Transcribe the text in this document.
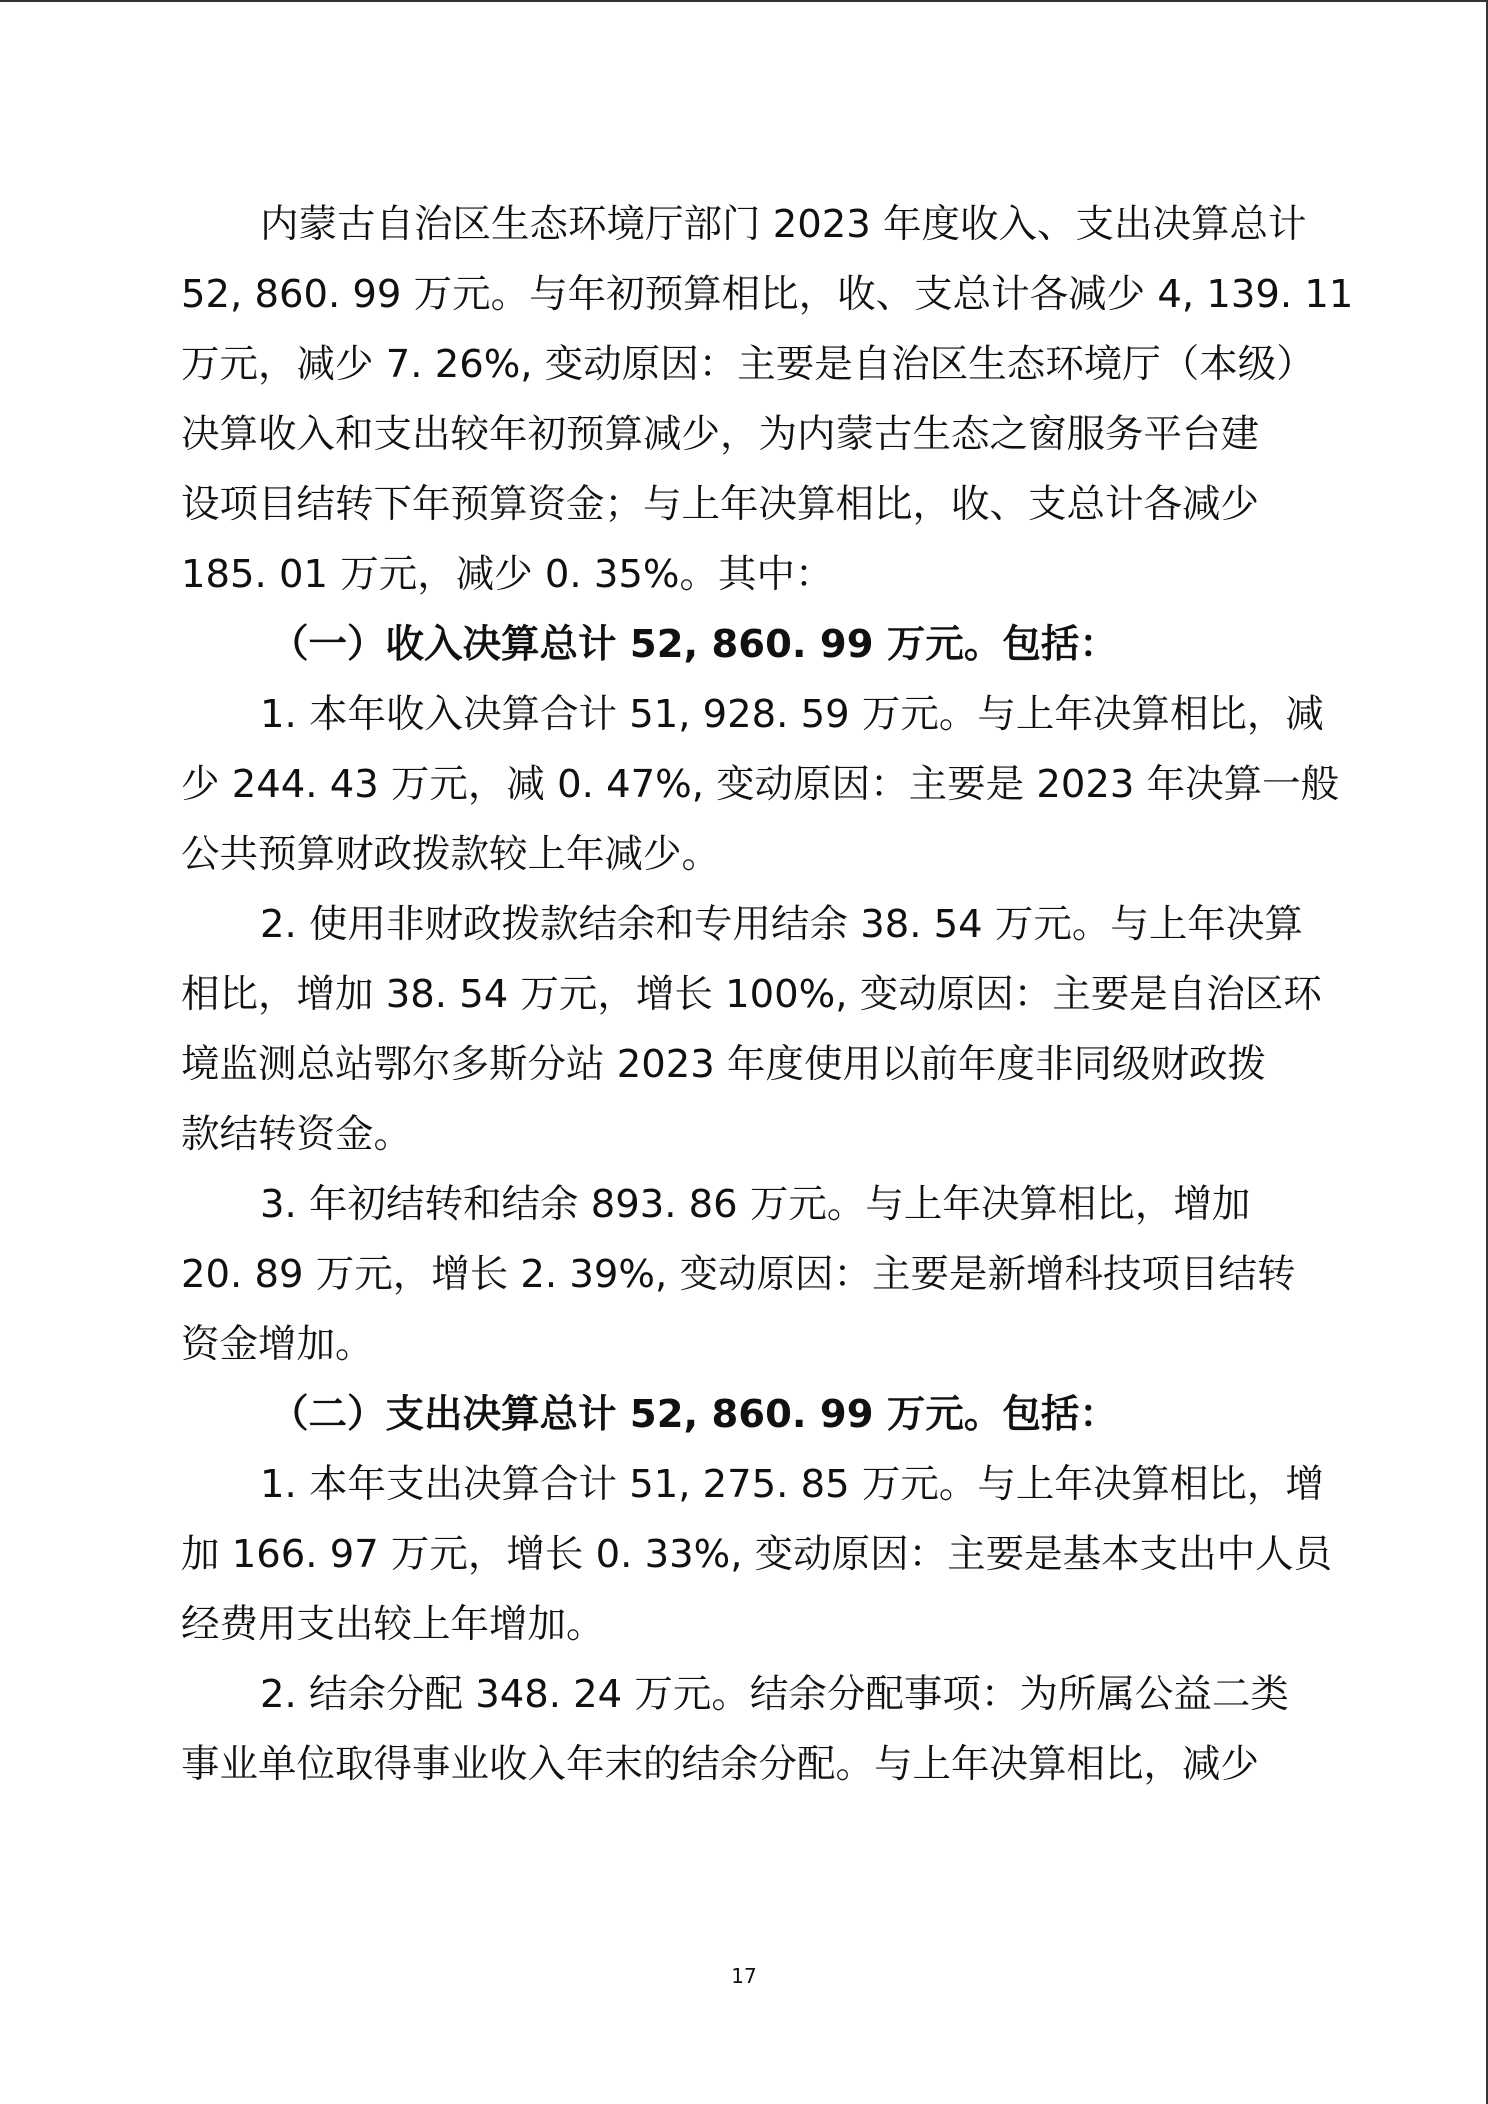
内蒙古自治区生态环境厅部门 2023 年度收入、支出决算总计
52, 860. 99 万元。与年初预算相比，收、支总计各减少 4, 139. 11
万元，减少 7. 26%, 变动原因：主要是自治区生态环境厅（本级）
决算收入和支出较年初预算减少，为内蒙古生态之窗服务平台建
设项目结转下年预算资金；与上年决算相比，收、支总计各减少
185. 01 万元，减少 0. 35%。其中：
（一）收入决算总计 52, 860. 99 万元。包括：
1. 本年收入决算合计 51, 928. 59 万元。与上年决算相比，减
少 244. 43 万元，减 0. 47%, 变动原因：主要是 2023 年决算一般
公共预算财政拨款较上年减少。
2. 使用非财政拨款结余和专用结余 38. 54 万元。与上年决算
相比，增加 38. 54 万元，增长 100%, 变动原因：主要是自治区环
境监测总站鄂尔多斯分站 2023 年度使用以前年度非同级财政拨
款结转资金。
3. 年初结转和结余 893. 86 万元。与上年决算相比，增加
20. 89 万元，增长 2. 39%, 变动原因：主要是新增科技项目结转
资金增加。
（二）支出决算总计 52, 860. 99 万元。包括：
1. 本年支出决算合计 51, 275. 85 万元。与上年决算相比，增
加 166. 97 万元，增长 0. 33%, 变动原因：主要是基本支出中人员
经费用支出较上年增加。
2. 结余分配 348. 24 万元。结余分配事项：为所属公益二类
事业单位取得事业收入年末的结余分配。与上年决算相比，减少
17
